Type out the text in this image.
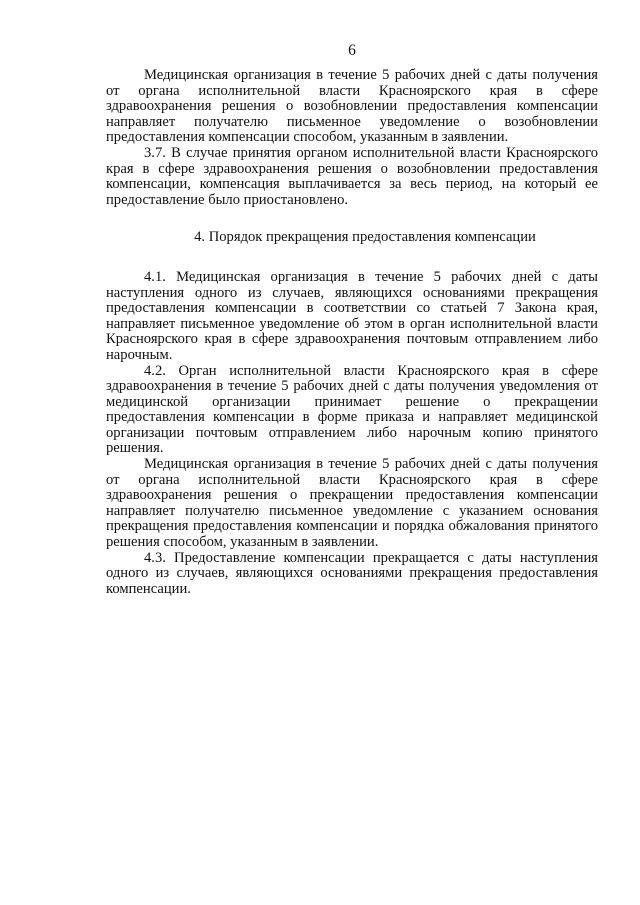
6

Медицинская организация в течение 5 рабочих дней с даты получения от органа исполнительной власти Красноярского края в сфере здравоохранения решения о возобновлении предоставления компенсации направляет получателю письменное уведомление о возобновлении предоставления компенсации способом, указанным в заявлении.

3.7. В случае принятия органом исполнительной власти Красноярского края в сфере здравоохранения решения о возобновлении предоставления компенсации, компенсация выплачивается за весь период, на который ее предоставление было приостановлено.

4. Порядок прекращения предоставления компенсации

4.1. Медицинская организация в течение 5 рабочих дней с даты наступления одного из случаев, являющихся основаниями прекращения предоставления компенсации в соответствии со статьей 7 Закона края, направляет письменное уведомление об этом в орган исполнительной власти Красноярского края в сфере здравоохранения почтовым отправлением либо нарочным.

4.2. Орган исполнительной власти Красноярского края в сфере здравоохранения в течение 5 рабочих дней с даты получения уведомления от медицинской организации принимает решение о прекращении предоставления компенсации в форме приказа и направляет медицинской организации почтовым отправлением либо нарочным копию принятого решения.

Медицинская организация в течение 5 рабочих дней с даты получения от органа исполнительной власти Красноярского края в сфере здравоохранения решения о прекращении предоставления компенсации направляет получателю письменное уведомление с указанием основания прекращения предоставления компенсации и порядка обжалования принятого решения способом, указанным в заявлении.

4.3. Предоставление компенсации прекращается с даты наступления одного из случаев, являющихся основаниями прекращения предоставления компенсации.
